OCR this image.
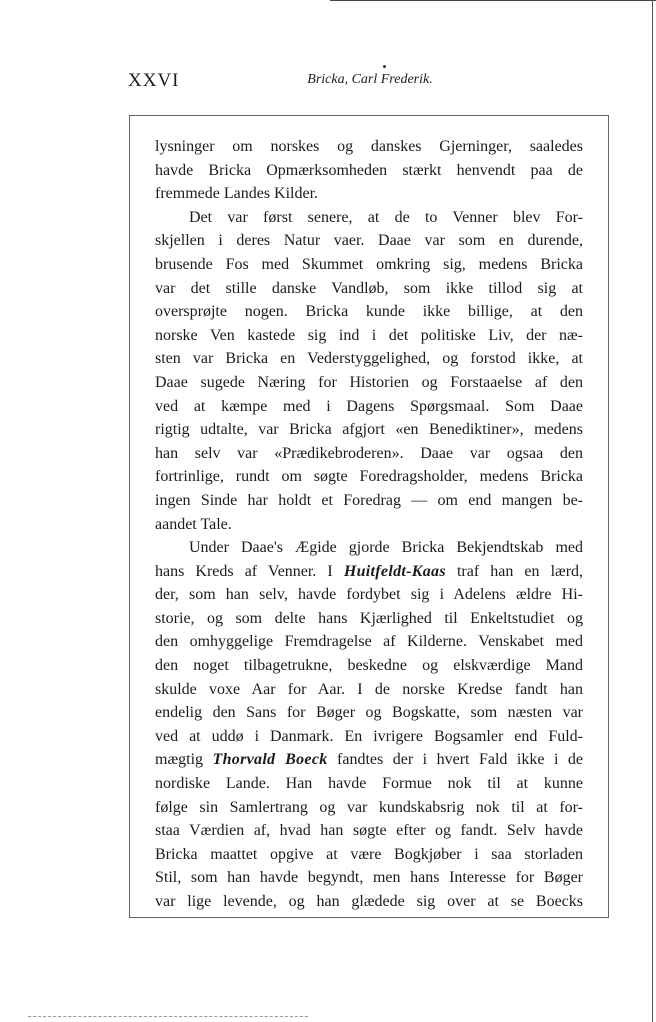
XXVI	Bricka, Carl Frederik.
lysninger om norskes og danskes Gjerninger, saaledes
havde Bricka Opmærksomheden stærkt henvendt paa de
fremmede Landes Kilder.
Det var først senere, at de to Venner blev For-
skjellen i deres Natur vaer. Daae var som en durende,
brusende Fos med Skummet omkring sig, medens Bricka
var det stille danske Vandløb, som ikke tillod sig at
oversprøjte nogen. Bricka kunde ikke billige, at den
norske Ven kastede sig ind i det politiske Liv, der næ-
sten var Bricka en Vederstyggelighed, og forstod ikke, at
Daae sugede Næring for Historien og Forstaaelse af den
ved at kæmpe med i Dagens Spørgsmaal. Som Daae
rigtig udtalte, var Bricka afgjort «en Benediktiner», medens
han selv var «Prædikebroderen». Daae var ogsaa den
fortrinlige, rundt om søgte Foredragsholder, medens Bricka
ingen Sinde har holdt et Foredrag — om end mangen be-
aandet Tale.
Under Daae's Ægide gjorde Bricka Bekjendtskab med
hans Kreds af Venner. I Huitfeldt-Kaas traf han en lærd,
der, som han selv, havde fordybet sig i Adelens ældre Hi-
storie, og som delte hans Kjærlighed til Enkeltstudiet og
den omhyggelige Fremdragelse af Kilderne. Venskabet med
den noget tilbagetrukne, beskedne og elskværdige Mand
skulde voxe Aar for Aar. I de norske Kredse fandt han
endelig den Sans for Bøger og Bogskatte, som næsten var
ved at uddø i Danmark. En ivrigere Bogsamler end Fuld-
mægtig Thorvald Boeck fandtes der i hvert Fald ikke i de
nordiske Lande. Han havde Formue nok til at kunne
følge sin Samlertrang og var kundskabsrig nok til at for-
staa Værdien af, hvad han søgte efter og fandt. Selv havde
Bricka maattet opgive at være Bogkjøber i saa storladen
Stil, som han havde begyndt, men hans Interesse for Bøger
var lige levende, og han glædede sig over at se Boecks
